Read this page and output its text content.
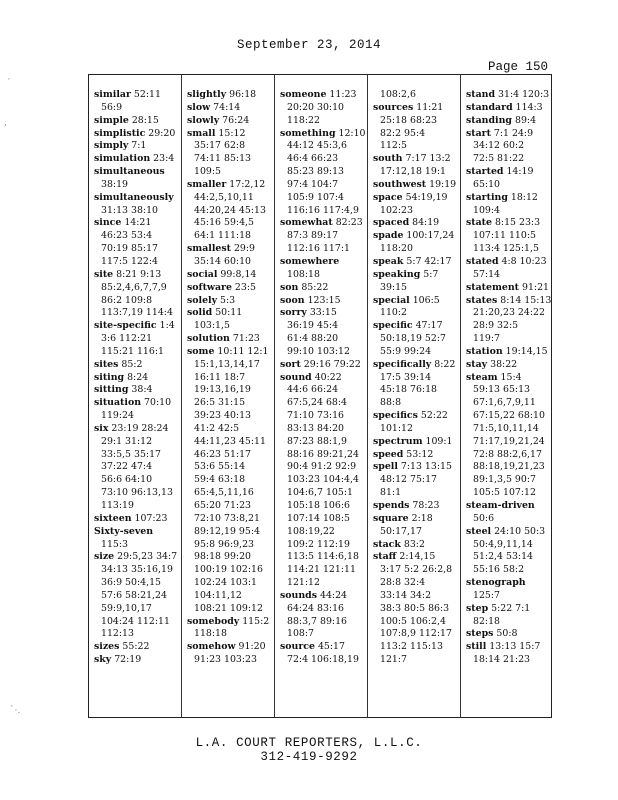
September 23, 2014
Page 150
′
,
`·.
similar 52:11
56:9
simple 28:15
simplistic 29:20
simply 7:1
simulation 23:4
simultaneous
38:19
simultaneously
31:13 38:10
since 14:21
46:23 53:4
70:19 85:17
117:5 122:4
site 8:21 9:13
85:2,4,6,7,7,9
86:2 109:8
113:7,19 114:4
site-specific 1:4
3:6 112:21
115:21 116:1
sites 85:2
siting 8:24
sitting 38:4
situation 70:10
119:24
six 23:19 28:24
29:1 31:12
33:5,5 35:17
37:22 47:4
56:6 64:10
73:10 96:13,13
113:19
sixteen 107:23
Sixty-seven
115:3
size 29:5,23 34:7
34:13 35:16,19
36:9 50:4,15
57:6 58:21,24
59:9,10,17
104:24 112:11
112:13
sizes 55:22
sky 72:19
slightly 96:18
slow 74:14
slowly 76:24
small 15:12
35:17 62:8
74:11 85:13
109:5
smaller 17:2,12
44:2,5,10,11
44:20,24 45:13
45:16 59:4,5
64:1 111:18
smallest 29:9
35:14 60:10
social 99:8,14
software 23:5
solely 5:3
solid 50:11
103:1,5
solution 71:23
some 10:11 12:1
15:1,13,14,17
16:11 18:7
19:13,16,19
26:5 31:15
39:23 40:13
41:2 42:5
44:11,23 45:11
46:23 51:17
53:6 55:14
59:4 63:18
65:4,5,11,16
65:20 71:23
72:10 73:8,21
89:12,19 95:4
95:8 96:9,23
98:18 99:20
100:19 102:16
102:24 103:1
104:11,12
108:21 109:12
somebody 115:2
118:18
somehow 91:20
91:23 103:23
someone 11:23
20:20 30:10
118:22
something 12:10
44:12 45:3,6
46:4 66:23
85:23 89:13
97:4 104:7
105:9 107:4
116:16 117:4,9
somewhat 82:23
87:3 89:17
112:16 117:1
somewhere
108:18
son 85:22
soon 123:15
sorry 33:15
36:19 45:4
61:4 88:20
99:10 103:12
sort 29:16 79:22
sound 40:22
44:6 66:24
67:5,24 68:4
71:10 73:16
83:13 84:20
87:23 88:1,9
88:16 89:21,24
90:4 91:2 92:9
103:23 104:4,4
104:6,7 105:1
105:18 106:6
107:14 108:5
108:19,22
109:2 112:19
113:5 114:6,18
114:21 121:11
121:12
sounds 44:24
64:24 83:16
88:3,7 89:16
108:7
source 45:17
72:4 106:18,19
108:2,6
sources 11:21
25:18 68:23
82:2 95:4
112:5
south 7:17 13:2
17:12,18 19:1
southwest 19:19
space 54:19,19
102:23
spaced 84:19
spade 100:17,24
118:20
speak 5:7 42:17
speaking 5:7
39:15
special 106:5
110:2
specific 47:17
50:18,19 52:7
55:9 99:24
specifically 8:22
17:5 39:14
45:18 76:18
88:8
specifics 52:22
101:12
spectrum 109:1
speed 53:12
spell 7:13 13:15
48:12 75:17
81:1
spends 78:23
square 2:18
50:17,17
stack 83:2
staff 2:14,15
3:17 5:2 26:2,8
28:8 32:4
33:14 34:2
38:3 80:5 86:3
100:5 106:2,4
107:8,9 112:17
113:2 115:13
121:7
stand 31:4 120:3
standard 114:3
standing 89:4
start 7:1 24:9
34:12 60:2
72:5 81:22
started 14:19
65:10
starting 18:12
109:4
state 8:15 23:3
107:11 110:5
113:4 125:1,5
stated 4:8 10:23
57:14
statement 91:21
states 8:14 15:13
21:20,23 24:22
28:9 32:5
119:7
station 19:14,15
stay 38:22
steam 15:4
59:13 65:13
67:1,6,7,9,11
67:15,22 68:10
71:5,10,11,14
71:17,19,21,24
72:8 88:2,6,17
88:18,19,21,23
89:1,3,5 90:7
105:5 107:12
steam-driven
50:6
steel 24:10 50:3
50:4,9,11,14
51:2,4 53:14
55:16 58:2
stenograph
125:7
step 5:22 7:1
82:18
steps 50:8
still 13:13 15:7
18:14 21:23
L.A. COURT REPORTERS, L.L.C.
312-419-9292
